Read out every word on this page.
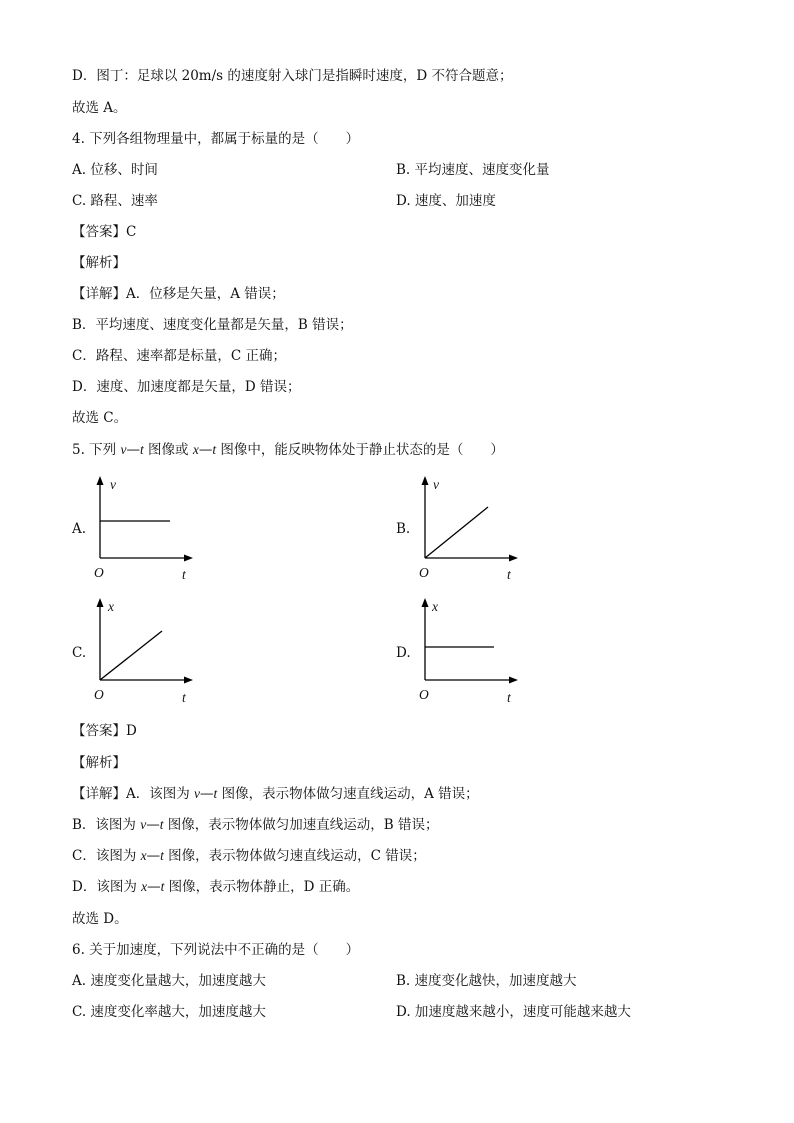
D．图丁：足球以 20m/s 的速度射入球门是指瞬时速度，D 不符合题意；
故选 A。
4. 下列各组物理量中，都属于标量的是（　　）
A. 位移、时间	B. 平均速度、速度变化量
C. 路程、速率	D. 速度、加速度
【答案】C
【解析】
【详解】A．位移是矢量，A 错误；
B．平均速度、速度变化量都是矢量，B 错误；
C．路程、速率都是标量，C 正确；
D．速度、加速度都是矢量，D 错误；
故选 C。
5. 下列 v—t 图像或 x—t 图像中，能反映物体处于静止状态的是（　　）
A.
v
t
O
B.
v
t
O
C.
x
t
O
D.
x
t
O
【答案】D
【解析】
【详解】A．该图为 v—t 图像，表示物体做匀速直线运动，A 错误；
B．该图为 v—t 图像，表示物体做匀加速直线运动，B 错误；
C．该图为 x—t 图像，表示物体做匀速直线运动，C 错误；
D．该图为 x—t 图像，表示物体静止，D 正确。
故选 D。
6. 关于加速度，下列说法中不正确的是（　　）
A. 速度变化量越大，加速度越大	B. 速度变化越快，加速度越大
C. 速度变化率越大，加速度越大	D. 加速度越来越小，速度可能越来越大
